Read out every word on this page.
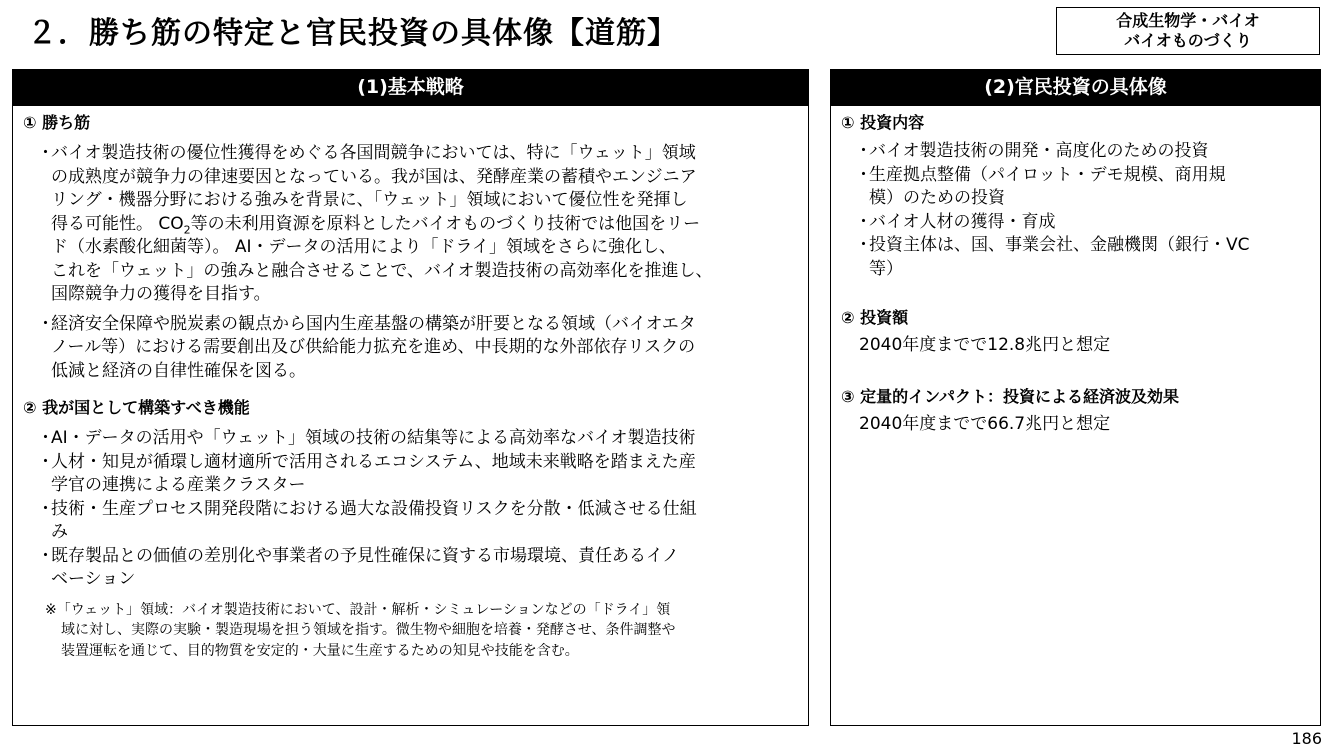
２．勝ち筋の特定と官民投資の具体像【道筋】	合成生物学・バイオ
バイオものづくり
(1)基本戦略
① 勝ち筋
・バイオ製造技術の優位性獲得をめぐる各国間競争においては、特に「ウェット」領域
の成熟度が競争力の律速要因となっている。我が国は、発酵産業の蓄積やエンジニア
リング・機器分野における強みを背景に、「ウェット」領域において優位性を発揮し
得る可能性。 $CO_2$等の未利用資源を原料としたバイオものづくり技術では他国をリー
ド（水素酸化細菌等）。 AI・データの活用により「ドライ」領域をさらに強化し、
これを「ウェット」の強みと融合させることで、バイオ製造技術の高効率化を推進し、
国際競争力の獲得を目指す。
・経済安全保障や脱炭素の観点から国内生産基盤の構築が肝要となる領域（バイオエタ
ノール等）における需要創出及び供給能力拡充を進め、中長期的な外部依存リスクの
低減と経済の自律性確保を図る。
② 我が国として構築すべき機能
・AI・データの活用や「ウェット」領域の技術の結集等による高効率なバイオ製造技術
・人材・知見が循環し適材適所で活用されるエコシステム、地域未来戦略を踏まえた産
学官の連携による産業クラスター
・技術・生産プロセス開発段階における過大な設備投資リスクを分散・低減させる仕組
み
・既存製品との価値の差別化や事業者の予見性確保に資する市場環境、責任あるイノ
ベーション
※「ウェット」領域：バイオ製造技術において、設計・解析・シミュレーションなどの「ドライ」領
域に対し、実際の実験・製造現場を担う領域を指す。微生物や細胞を培養・発酵させ、条件調整や
装置運転を通じて、目的物質を安定的・大量に生産するための知見や技能を含む。
(2)官民投資の具体像
① 投資内容
・バイオ製造技術の開発・高度化のための投資
・生産拠点整備（パイロット・デモ規模、商用規
模）のための投資
・バイオ人材の獲得・育成
・投資主体は、国、事業会社、金融機関（銀行・VC
等）
② 投資額
2040年度までで12.8兆円と想定
③ 定量的インパクト：投資による経済波及効果
2040年度までで66.7兆円と想定
186
